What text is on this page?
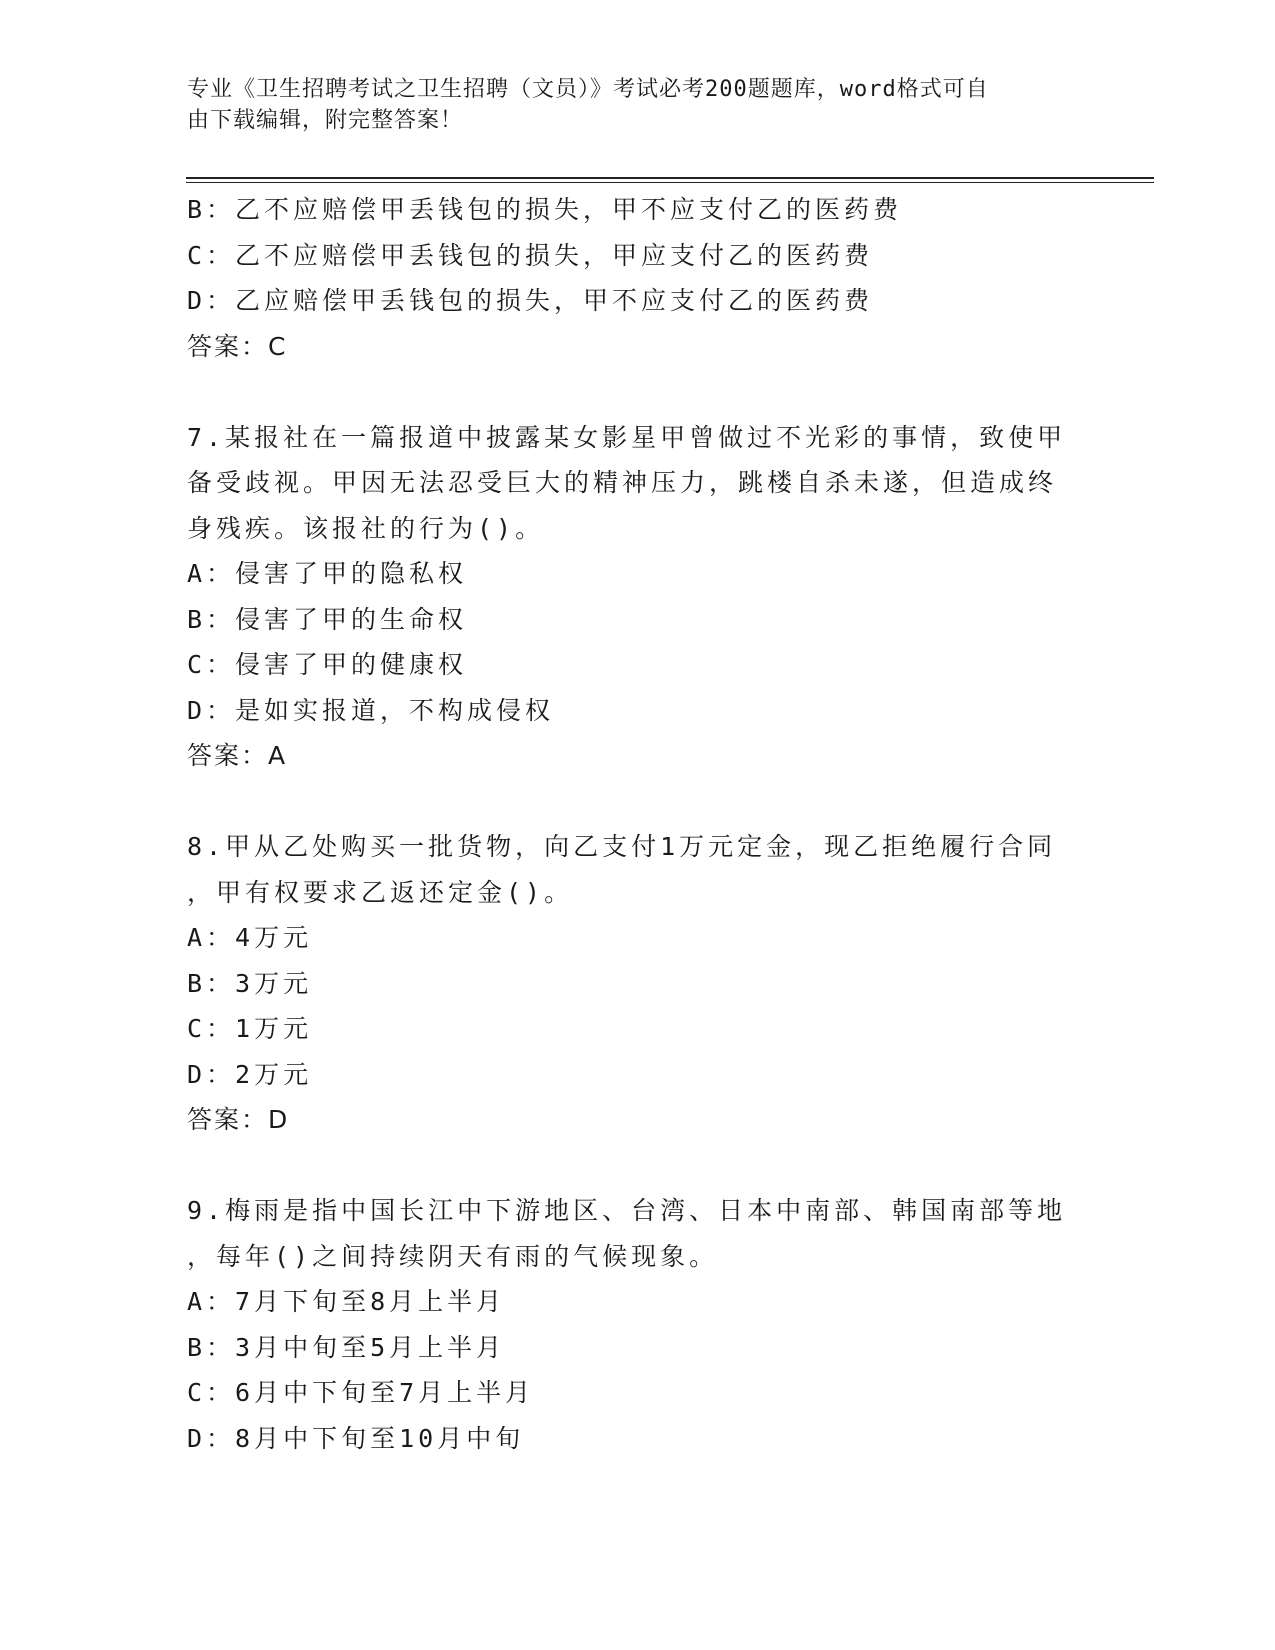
专业《卫生招聘考试之卫生招聘（文员）》考试必考200题题库，word格式可自
由下载编辑，附完整答案！
B：乙不应赔偿甲丢钱包的损失，甲不应支付乙的医药费
C：乙不应赔偿甲丢钱包的损失，甲应支付乙的医药费
D：乙应赔偿甲丢钱包的损失，甲不应支付乙的医药费
答案：C
7.某报社在一篇报道中披露某女影星甲曾做过不光彩的事情，致使甲
备受歧视。甲因无法忍受巨大的精神压力，跳楼自杀未遂，但造成终
身残疾。该报社的行为()。
A：侵害了甲的隐私权
B：侵害了甲的生命权
C：侵害了甲的健康权
D：是如实报道，不构成侵权
答案：A
8.甲从乙处购买一批货物，向乙支付1万元定金，现乙拒绝履行合同
，甲有权要求乙返还定金()。
A：4万元
B：3万元
C：1万元
D：2万元
答案：D
9.梅雨是指中国长江中下游地区、台湾、日本中南部、韩国南部等地
，每年()之间持续阴天有雨的气候现象。
A：7月下旬至8月上半月
B：3月中旬至5月上半月
C：6月中下旬至7月上半月
D：8月中下旬至10月中旬
